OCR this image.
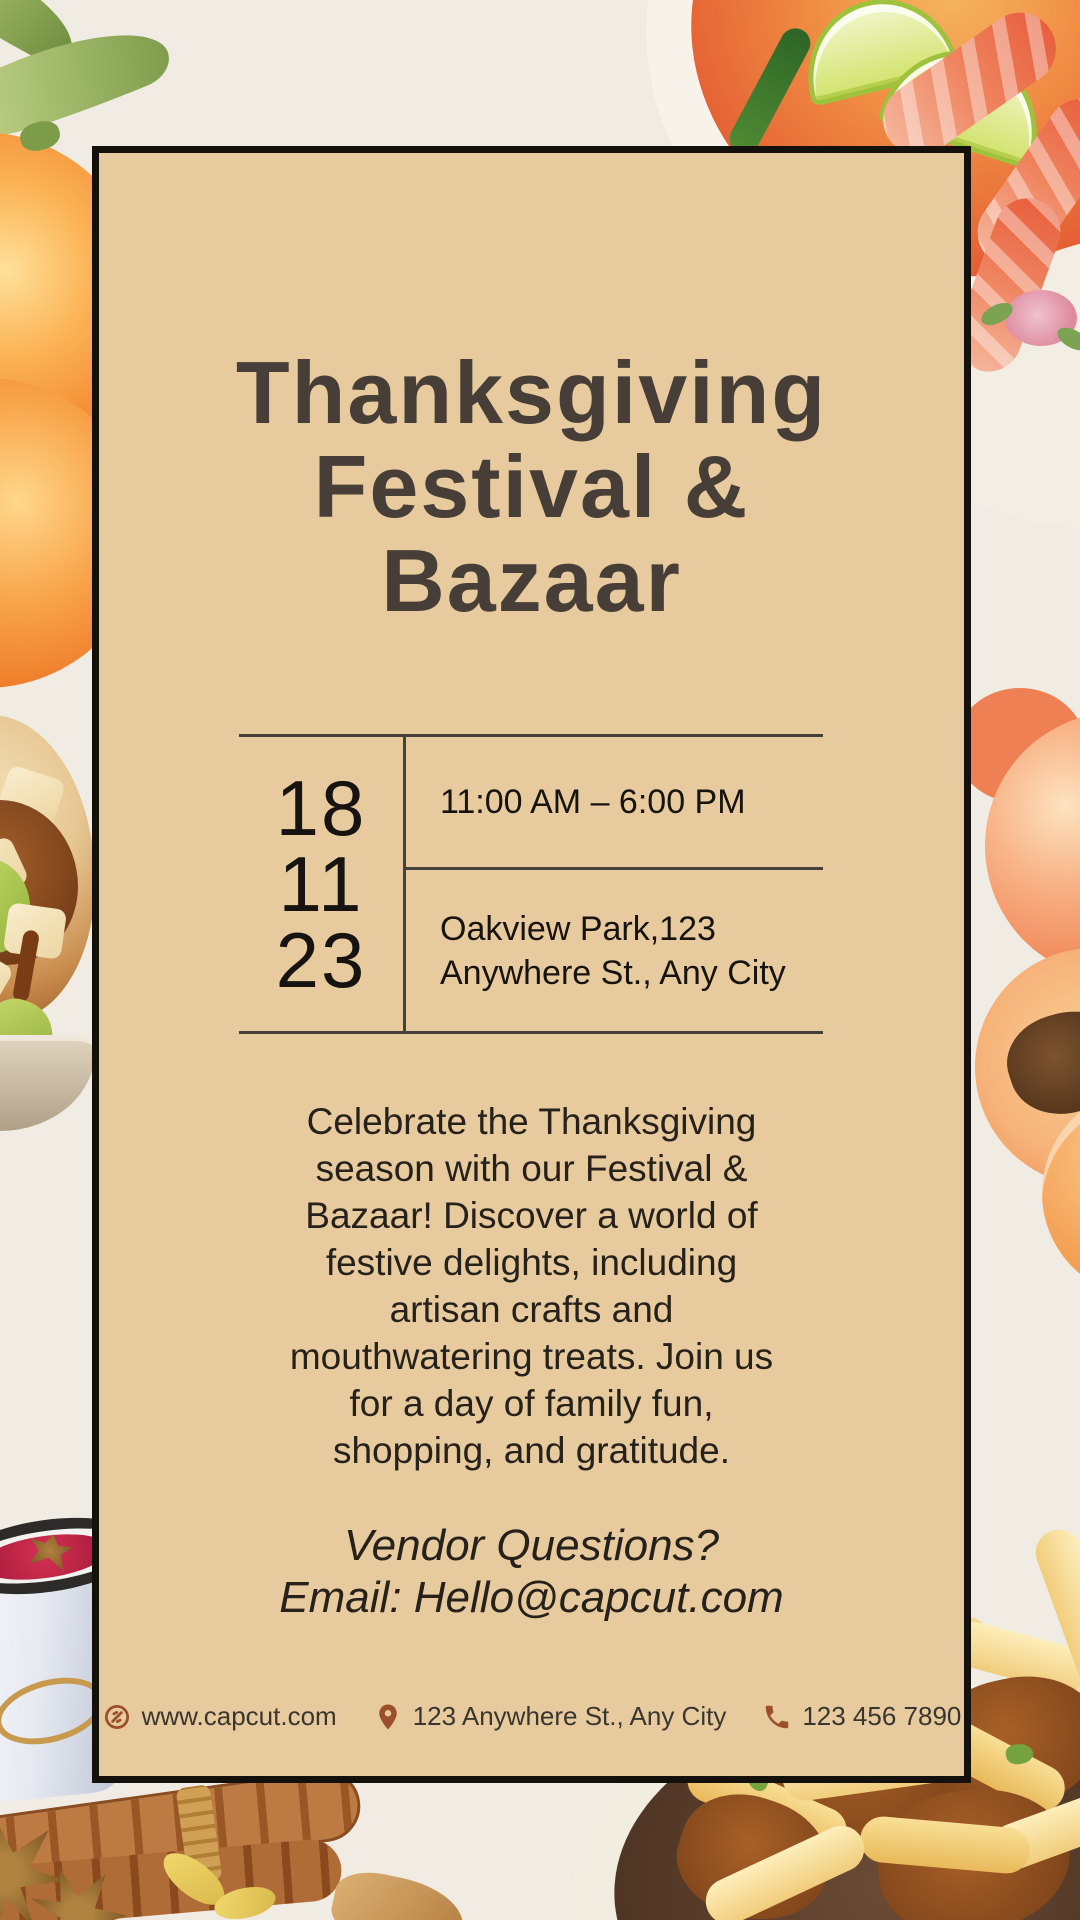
Thanksgiving
Festival &
Bazaar
18
11
23
11:00 AM – 6:00 PM
Oakview Park,123
Anywhere St., Any City

Celebrate the Thanksgiving
season with our Festival &
Bazaar! Discover a world of
festive delights, including
artisan crafts and
mouthwatering treats. Join us
for a day of family fun,
shopping, and gratitude.

Vendor Questions?
Email: Hello@capcut.com

www.capcut.com	123 Anywhere St., Any City	123 456 7890
